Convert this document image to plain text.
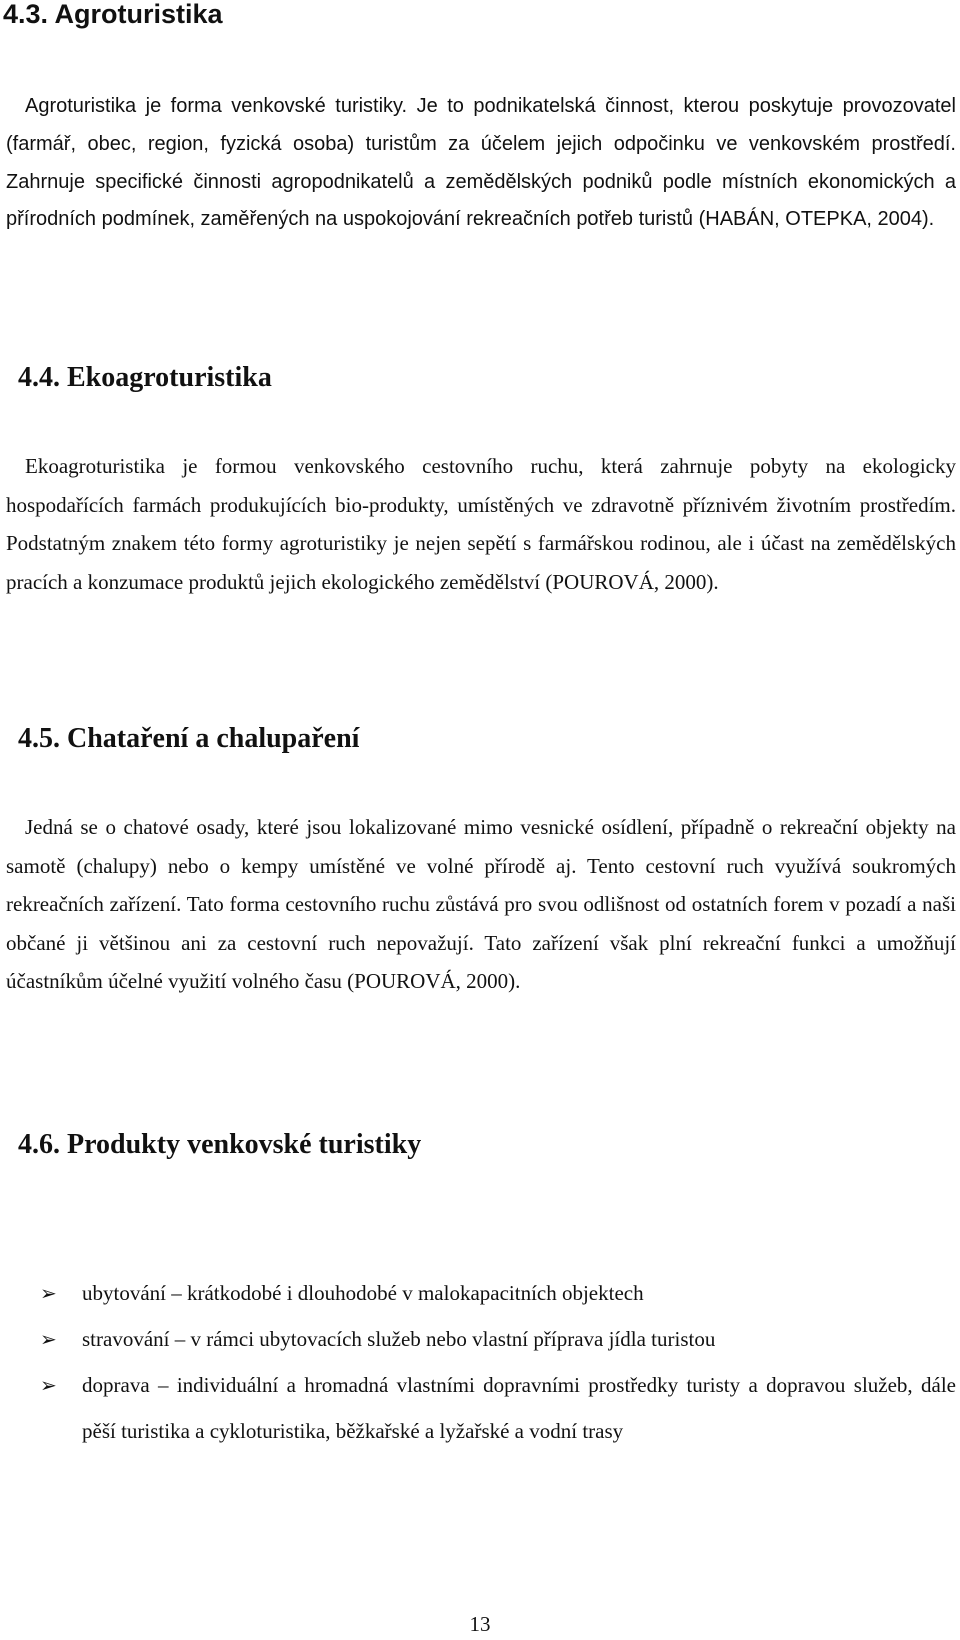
4.3. Agroturistika

Agroturistika je forma venkovské turistiky. Je to podnikatelská činnost, kterou poskytuje provozovatel (farmář, obec, region, fyzická osoba) turistům za účelem jejich odpočinku ve venkovském prostředí. Zahrnuje specifické činnosti agropodnikatelů a zemědělských podniků podle místních ekonomických a přírodních podmínek, zaměřených na uspokojování rekreačních potřeb turistů (HABÁN, OTEPKA, 2004).

4.4. Ekoagroturistika

Ekoagroturistika je formou venkovského cestovního ruchu, která zahrnuje pobyty na ekologicky hospodařících farmách produkujících bio-produkty, umístěných ve zdravotně příznivém životním prostředím. Podstatným znakem této formy agroturistiky je nejen sepětí s farmářskou rodinou, ale i účast na zemědělských pracích a konzumace produktů jejich ekologického zemědělství (POUROVÁ, 2000).

4.5. Chataření a chalupaření

Jedná se o chatové osady, které jsou lokalizované mimo vesnické osídlení, případně o rekreační objekty na samotě (chalupy) nebo o kempy umístěné ve volné přírodě aj. Tento cestovní ruch využívá soukromých rekreačních zařízení. Tato forma cestovního ruchu zůstává pro svou odlišnost od ostatních forem v pozadí a naši občané ji většinou ani za cestovní ruch nepovažují. Tato zařízení však plní rekreační funkci a umožňují účastníkům účelné využití volného času (POUROVÁ, 2000).

4.6. Produkty venkovské turistiky
➢ ubytování – krátkodobé i dlouhodobé v malokapacitních objektech
➢ stravování – v rámci ubytovacích služeb nebo vlastní příprava jídla turistou
➢ doprava – individuální a hromadná vlastními dopravními prostředky turisty a dopravou služeb, dále pěší turistika a cykloturistika, běžkařské a lyžařské a vodní trasy
13
